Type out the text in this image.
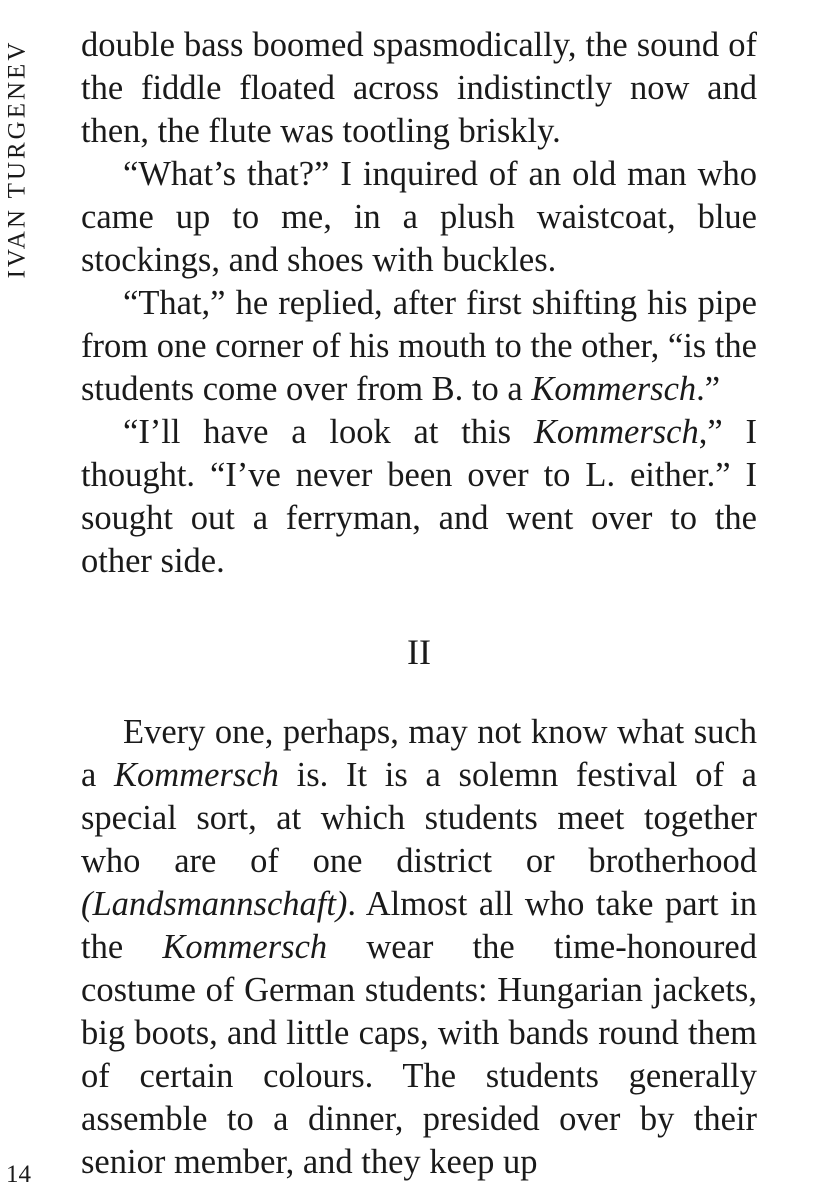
IVAN TURGENEV double bass boomed spasmodically, the sound of the fiddle floated across indistinctly now and then, the flute was tootling briskly.

“What’s that?” I inquired of an old man who came up to me, in a plush waistcoat, blue stockings, and shoes with buckles.

“That,” he replied, after first shifting his pipe from one corner of his mouth to the other, “is the students come over from B. to a Kommersch.”

“I’ll have a look at this Kommersch,” I thought. “I’ve never been over to L. either.” I sought out a ferryman, and went over to the other side.

II

Every one, perhaps, may not know what such a Kommersch is. It is a solemn festival of a special sort, at which students meet together who are of one district or brotherhood (Landsmannschaft). Almost all who take part in the Kommersch wear the time-honoured costume of German students: Hungarian jackets, big boots, and little caps, with bands round them of certain colours. The students generally assemble to a dinner, presided over by their senior member, and they keep up

14
